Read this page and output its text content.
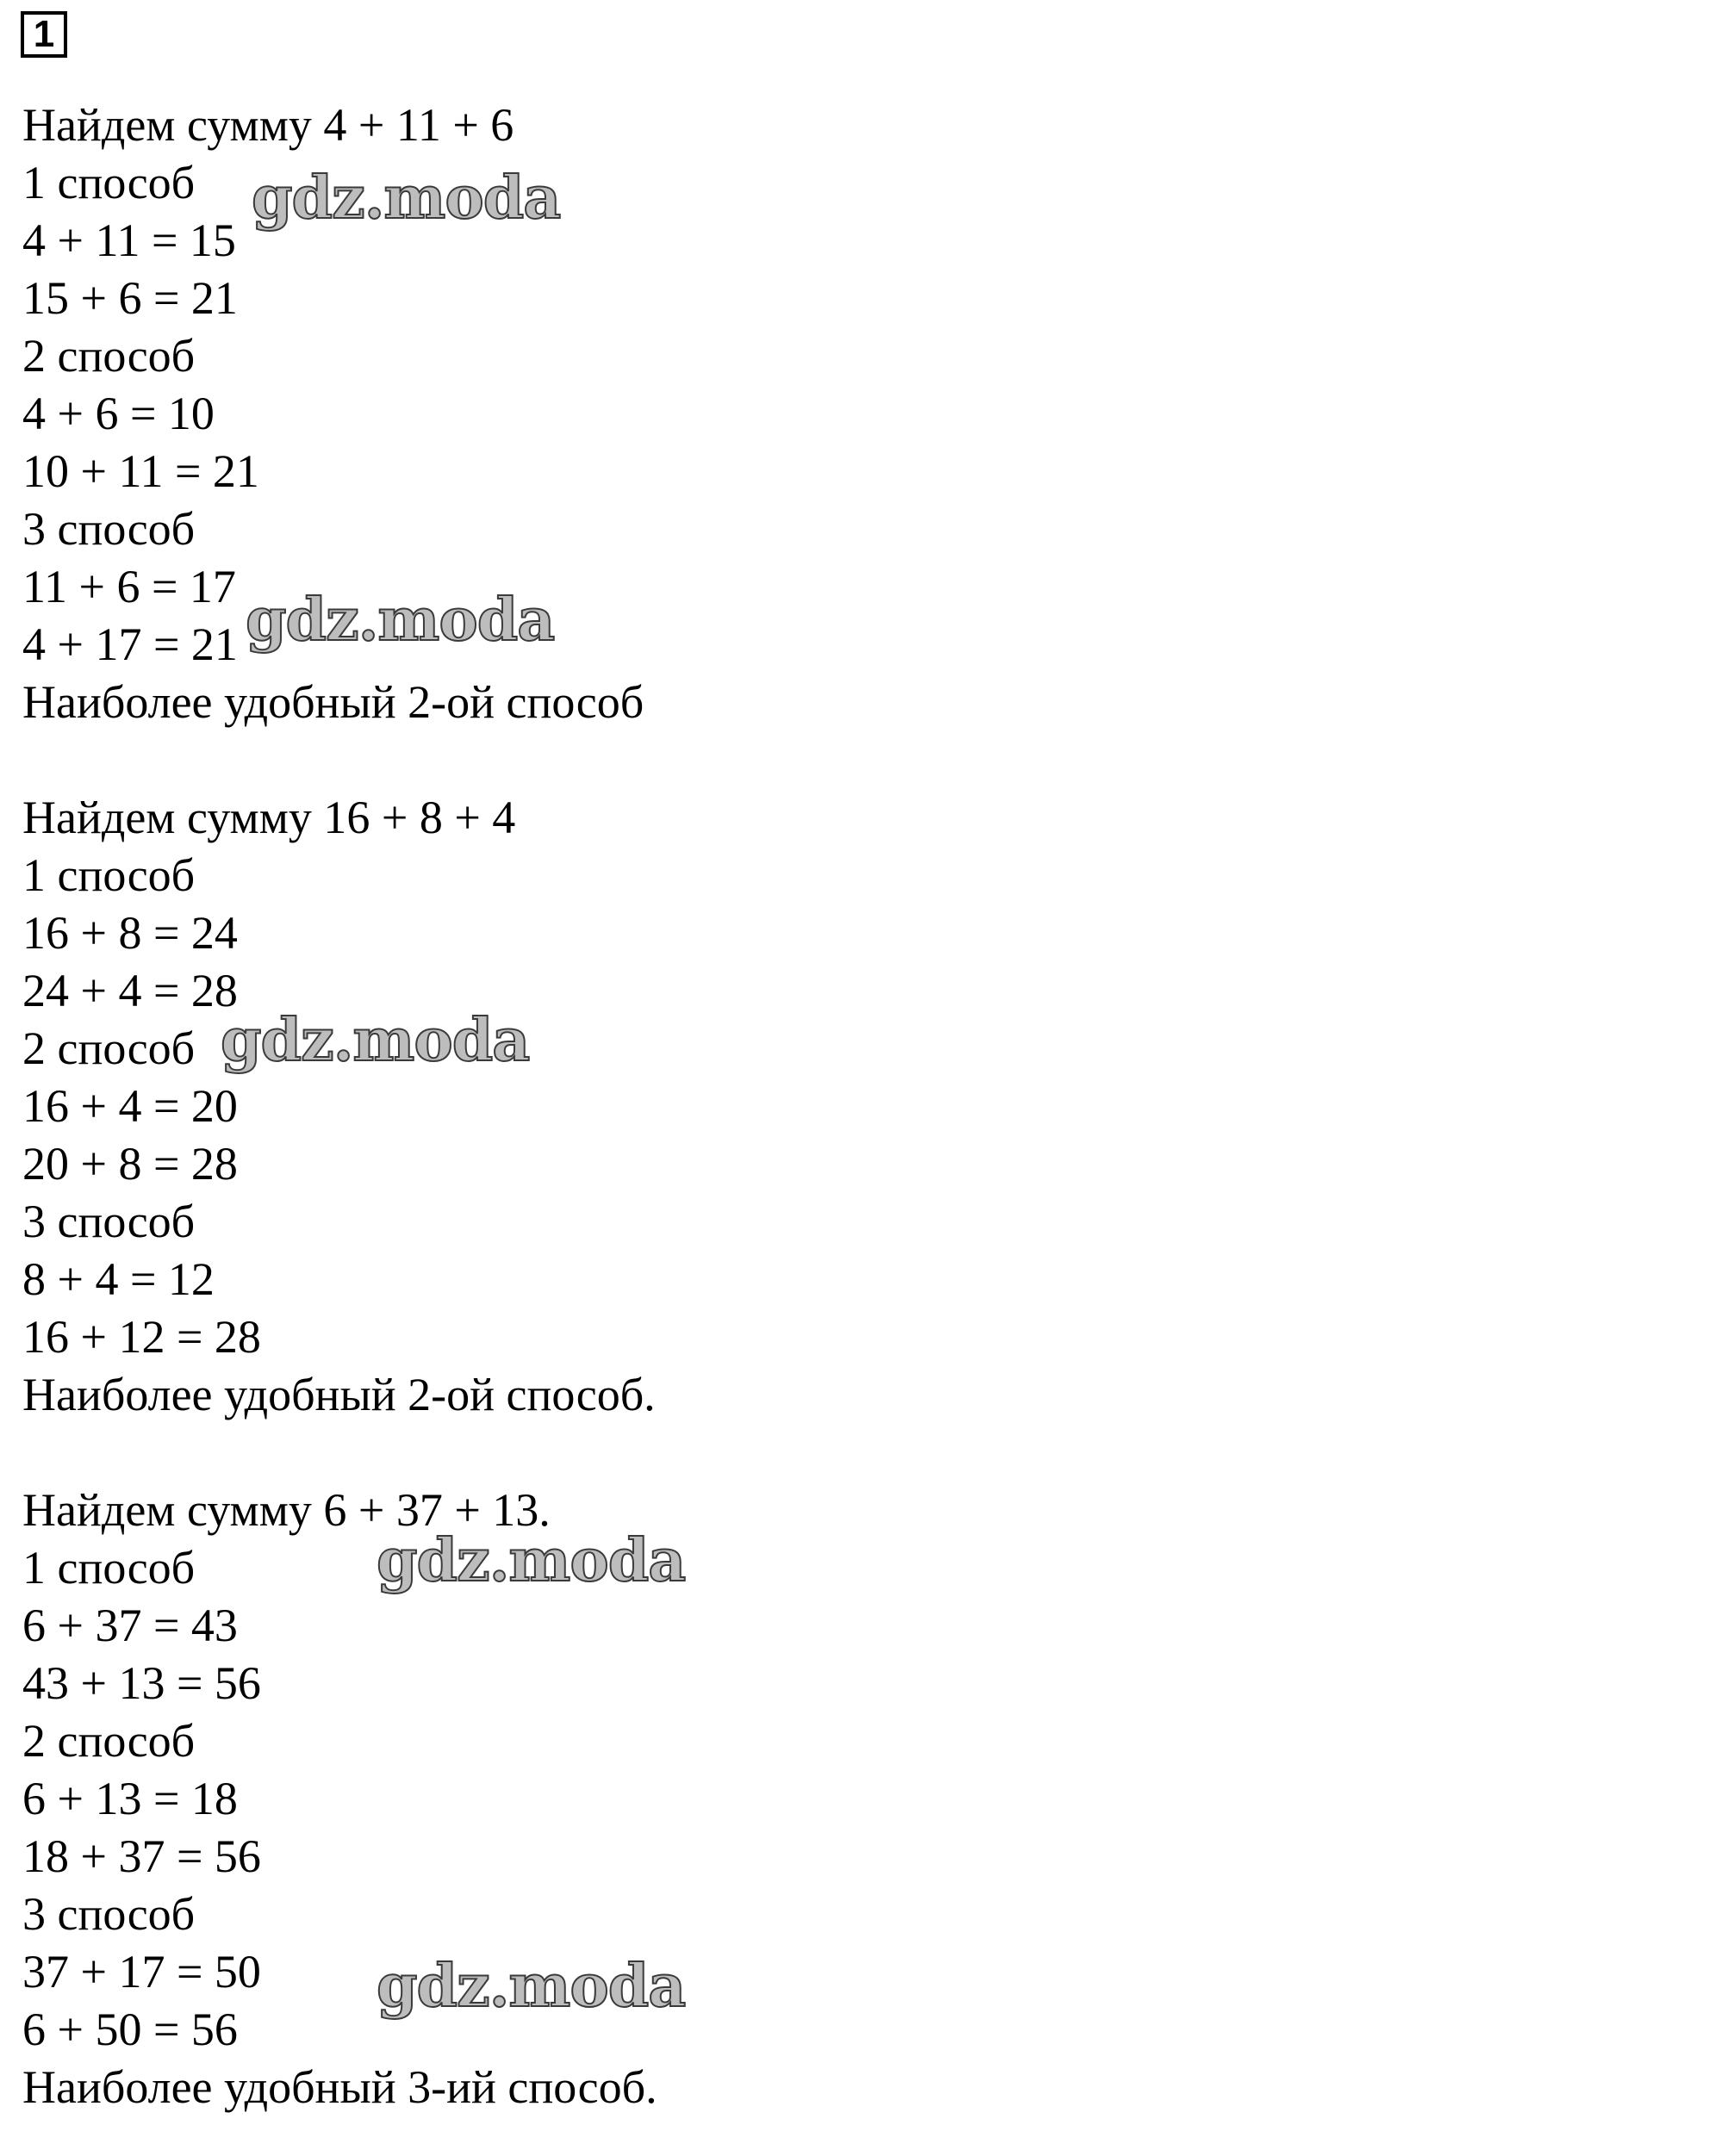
1
Найдем сумму 4 + 11 + 6
1 способ
4 + 11 = 15
15 + 6 = 21
2 способ
4 + 6 = 10
10 + 11 = 21
3 способ
11 + 6 = 17
4 + 17 = 21
Наиболее удобный 2-ой способ
Найдем сумму 16 + 8 + 4
1 способ
16 + 8 = 24
24 + 4 = 28
2 способ
16 + 4 = 20
20 + 8 = 28
3 способ
8 + 4 = 12
16 + 12 = 28
Наиболее удобный 2-ой способ.
Найдем сумму 6 + 37 + 13.
1 способ
6 + 37 = 43
43 + 13 = 56
2 способ
6 + 13 = 18
18 + 37 = 56
3 способ
37 + 17 = 50
6 + 50 = 56
Наиболее удобный 3-ий способ.
gdz.moda
gdz.moda
gdz.moda
gdz.moda
gdz.moda
